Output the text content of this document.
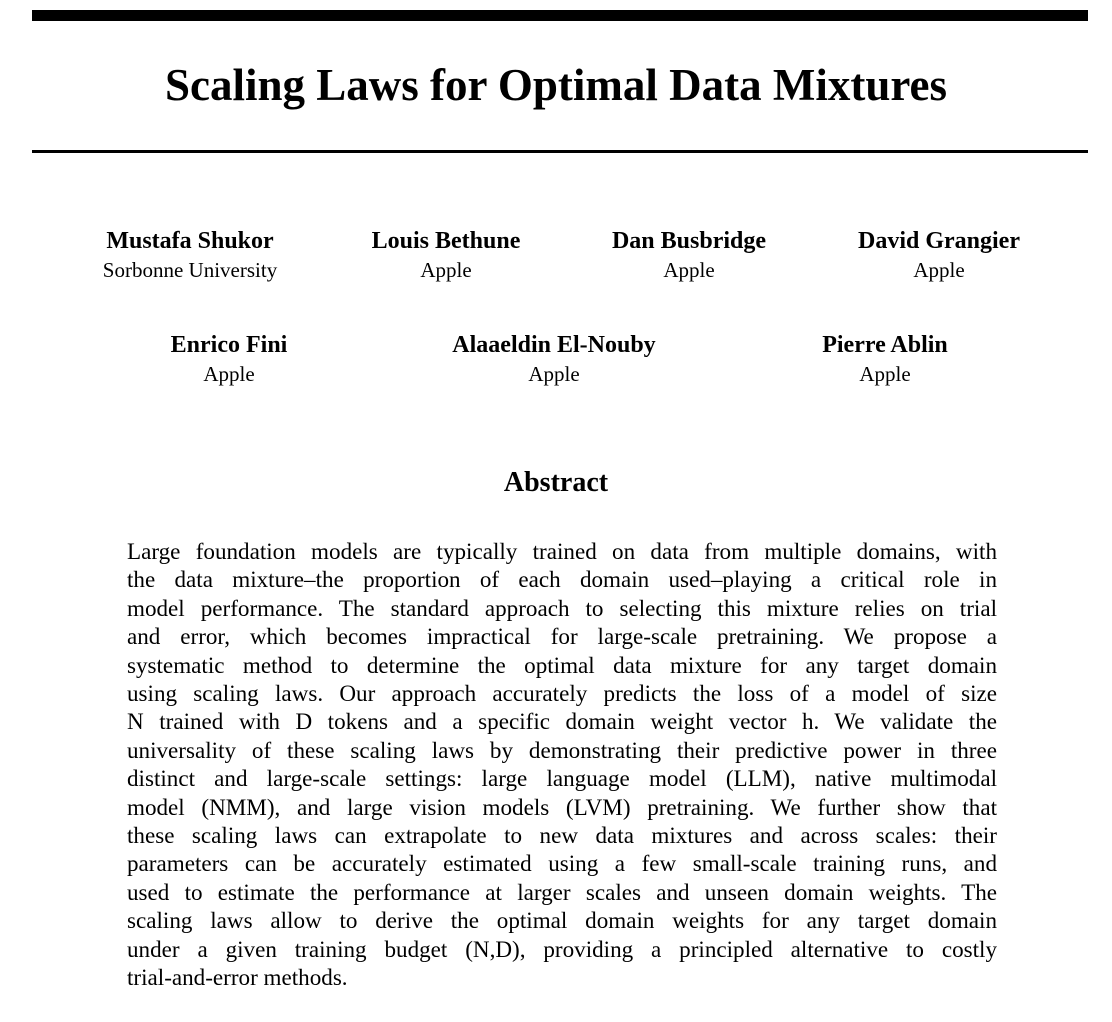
Scaling Laws for Optimal Data Mixtures
Mustafa Shukor
Sorbonne University
Louis Bethune
Apple
Dan Busbridge
Apple
David Grangier
Apple
Enrico Fini
Apple
Alaaeldin El-Nouby
Apple
Pierre Ablin
Apple
Abstract
Large foundation models are typically trained on data from multiple domains, with
the data mixture–the proportion of each domain used–playing a critical role in
model performance. The standard approach to selecting this mixture relies on trial
and error, which becomes impractical for large-scale pretraining. We propose a
systematic method to determine the optimal data mixture for any target domain
using scaling laws. Our approach accurately predicts the loss of a model of size
N trained with D tokens and a specific domain weight vector h. We validate the
universality of these scaling laws by demonstrating their predictive power in three
distinct and large-scale settings: large language model (LLM), native multimodal
model (NMM), and large vision models (LVM) pretraining. We further show that
these scaling laws can extrapolate to new data mixtures and across scales: their
parameters can be accurately estimated using a few small-scale training runs, and
used to estimate the performance at larger scales and unseen domain weights. The
scaling laws allow to derive the optimal domain weights for any target domain
under a given training budget (N,D), providing a principled alternative to costly
trial-and-error methods.
